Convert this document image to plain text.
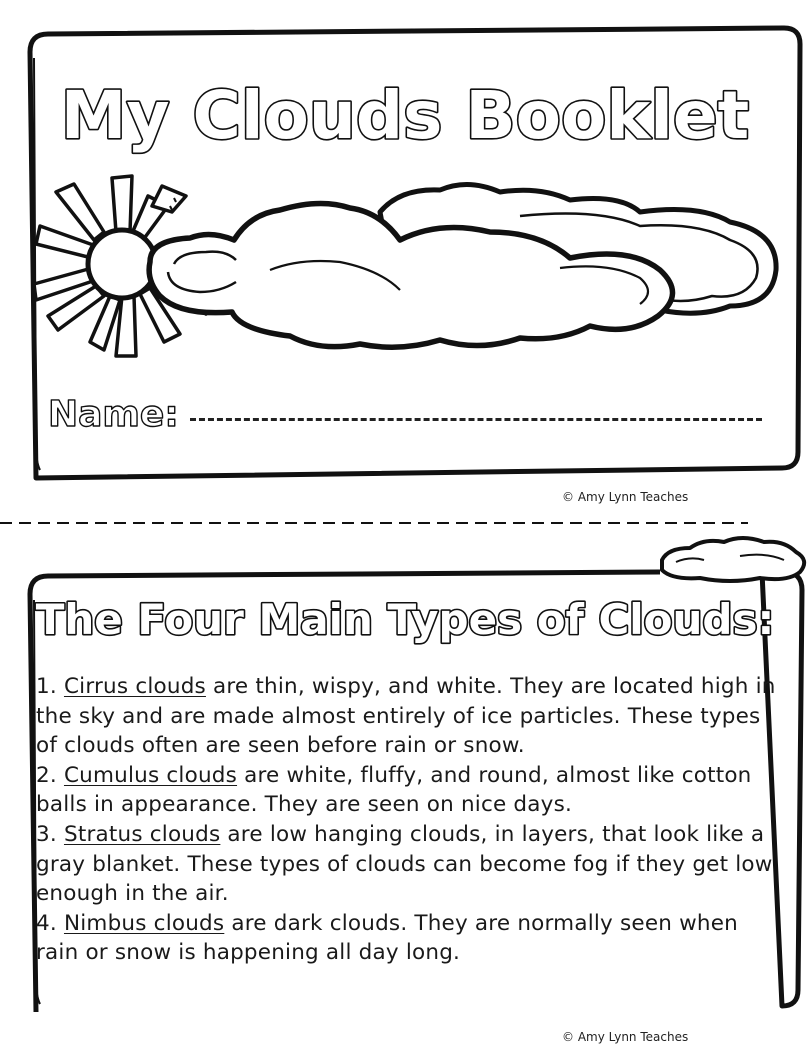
My Clouds Booklet
Name:
The Four Main Types of Clouds:
© Amy Lynn Teaches

1. Cirrus clouds are thin, wispy, and white. They are located high in the sky and are made almost entirely of ice particles. These types of clouds often are seen before rain or snow.

2. Cumulus clouds are white, fluffy, and round, almost like cotton balls in appearance. They are seen on nice days.

3. Stratus clouds are low hanging clouds, in layers, that look like a gray blanket. These types of clouds can become fog if they get low enough in the air.

4. Nimbus clouds are dark clouds. They are normally seen when rain or snow is happening all day long.

© Amy Lynn Teaches
